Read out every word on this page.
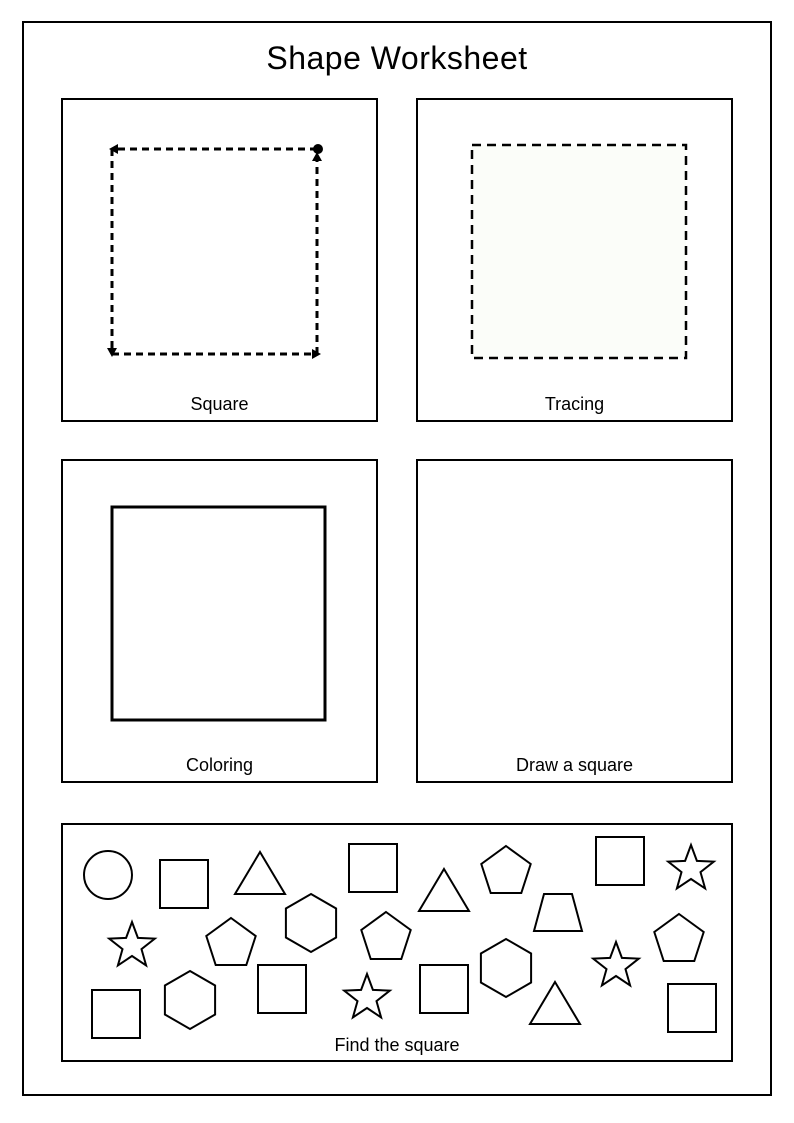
Shape Worksheet
Square	Tracing
Coloring	Draw a square
Find the square
